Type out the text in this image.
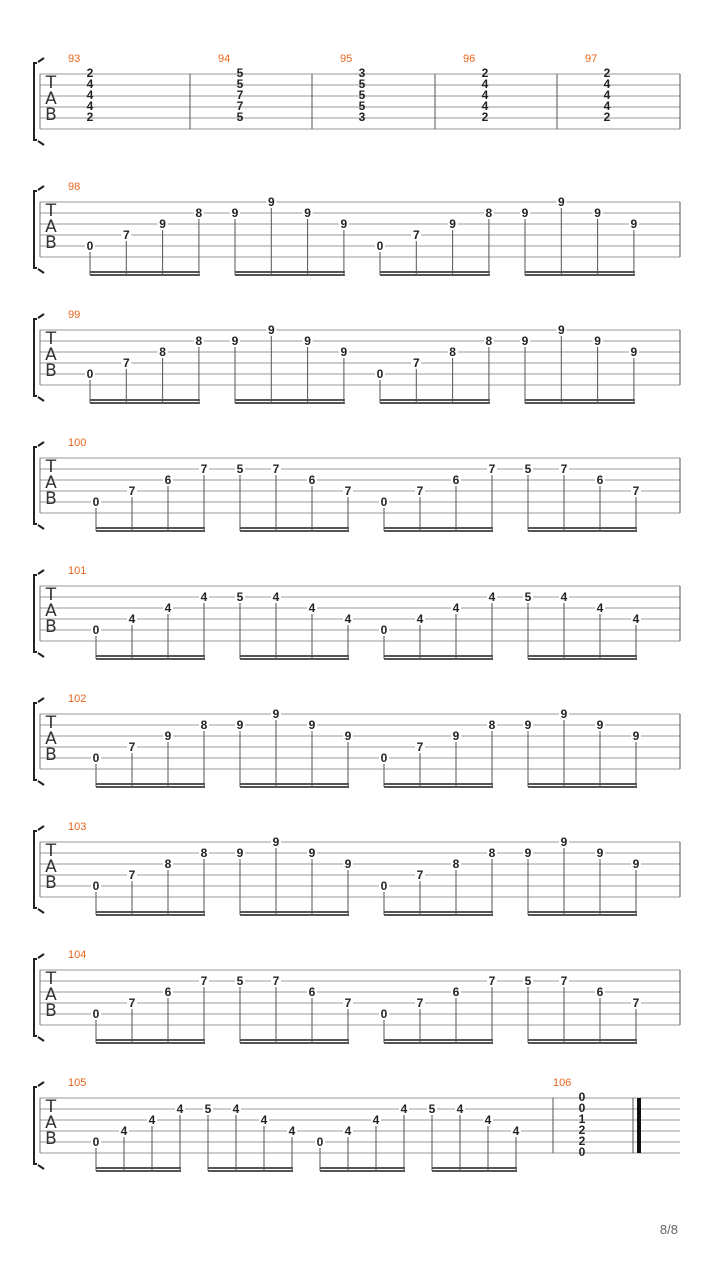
T
A
B
93
2
4
4
4
2
94
5
5
7
7
5
95
3
5
5
5
3
96
2
4
4
4
2
97
2
4
4
4
2
T
A
B
98
0
7
9
8 9
9
9
9
0
7
9
8 9
9
9
9
T
A
B
99
0
7
8
8 9
9
9
9
0
7
8
8 9
9
9
9
T
A
B
100
0
7
6
7 5 7
6
7
0
7
6
7 5 7
6
7
T
A
B
101
0
4
4
4 5 4
4
4
0
4
4
4 5 4
4
4
T
A
B
102
0
7
9
8 9
9
9
9
0
7
9
8 9
9
9
9
T
A
B
103
0
7
8
8 9
9
9
9
0
7
8
8 9
9
9
9
T
A
B
104
0
7
6
7 5 7
6
7
0
7
6
7 5 7
6
7
T
A
B
105
0
4
4
4 5 4
4
4
0
4
4
4 5 4
4
4
106
0
0
1
2
2
0
8/8
